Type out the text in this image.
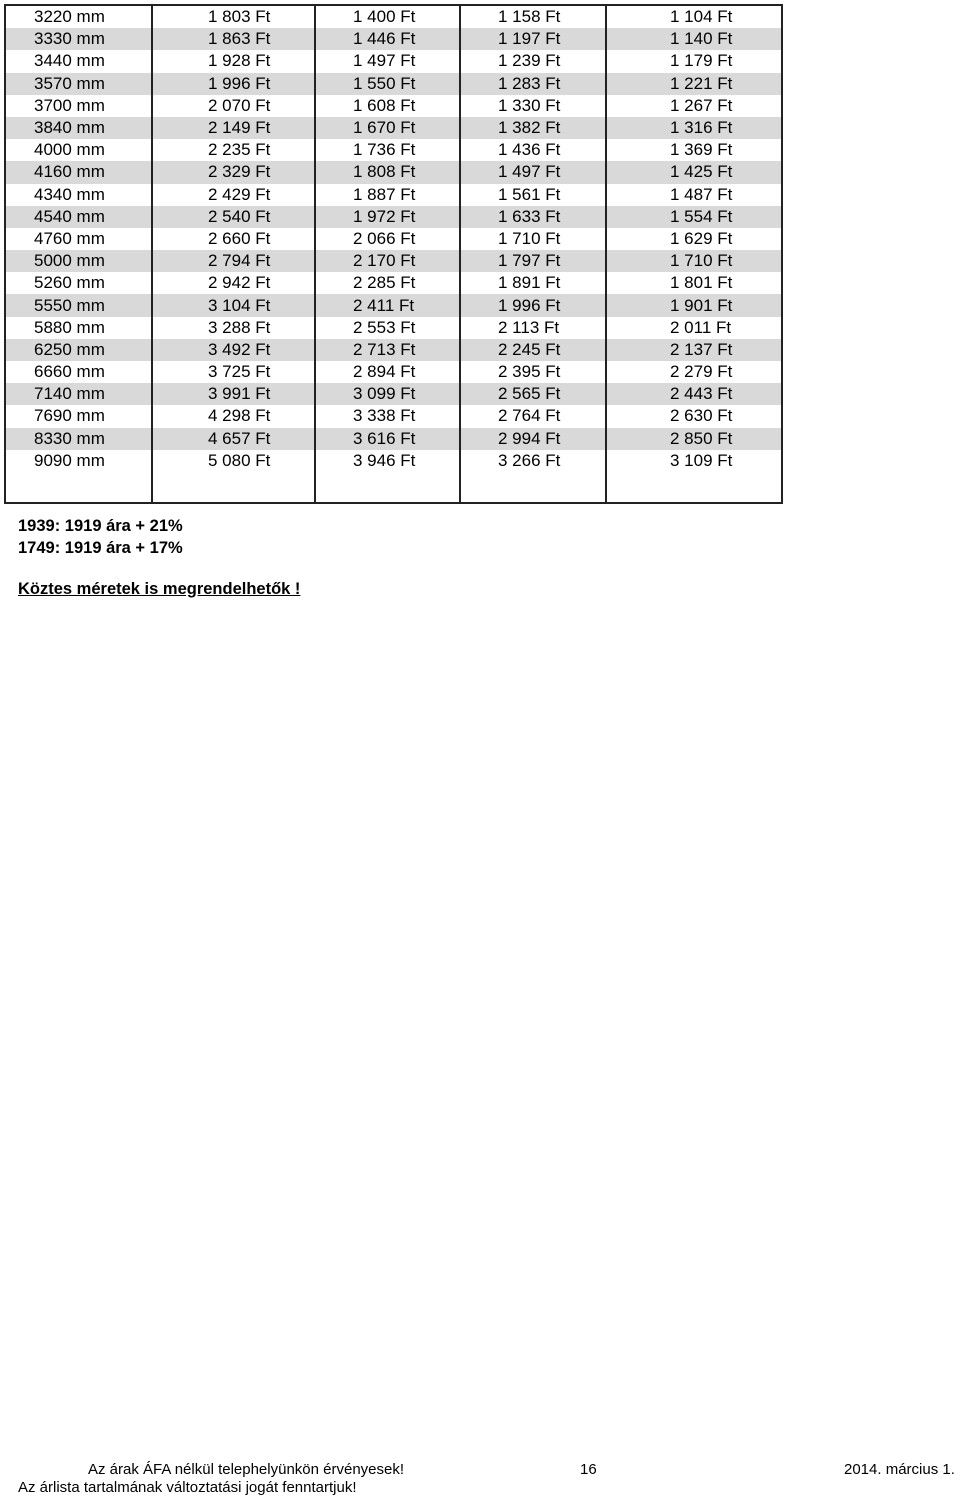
3220 mm	1 803 Ft	1 400 Ft	1 158 Ft	1 104 Ft
3330 mm	1 863 Ft	1 446 Ft	1 197 Ft	1 140 Ft
3440 mm	1 928 Ft	1 497 Ft	1 239 Ft	1 179 Ft
3570 mm	1 996 Ft	1 550 Ft	1 283 Ft	1 221 Ft
3700 mm	2 070 Ft	1 608 Ft	1 330 Ft	1 267 Ft
3840 mm	2 149 Ft	1 670 Ft	1 382 Ft	1 316 Ft
4000 mm	2 235 Ft	1 736 Ft	1 436 Ft	1 369 Ft
4160 mm	2 329 Ft	1 808 Ft	1 497 Ft	1 425 Ft
4340 mm	2 429 Ft	1 887 Ft	1 561 Ft	1 487 Ft
4540 mm	2 540 Ft	1 972 Ft	1 633 Ft	1 554 Ft
4760 mm	2 660 Ft	2 066 Ft	1 710 Ft	1 629 Ft
5000 mm	2 794 Ft	2 170 Ft	1 797 Ft	1 710 Ft
5260 mm	2 942 Ft	2 285 Ft	1 891 Ft	1 801 Ft
5550 mm	3 104 Ft	2 411 Ft	1 996 Ft	1 901 Ft
5880 mm	3 288 Ft	2 553 Ft	2 113 Ft	2 011 Ft
6250 mm	3 492 Ft	2 713 Ft	2 245 Ft	2 137 Ft
6660 mm	3 725 Ft	2 894 Ft	2 395 Ft	2 279 Ft
7140 mm	3 991 Ft	3 099 Ft	2 565 Ft	2 443 Ft
7690 mm	4 298 Ft	3 338 Ft	2 764 Ft	2 630 Ft
8330 mm	4 657 Ft	3 616 Ft	2 994 Ft	2 850 Ft
9090 mm	5 080 Ft	3 946 Ft	3 266 Ft	3 109 Ft

1939: 1919 ára + 21%
1749: 1919 ára + 17%
Köztes méretek is megrendelhetők !
Az árak ÁFA nélkül telephelyünkön érvényesek!	16	2014. március 1.
Az árlista tartalmának változtatási jogát fenntartjuk!
